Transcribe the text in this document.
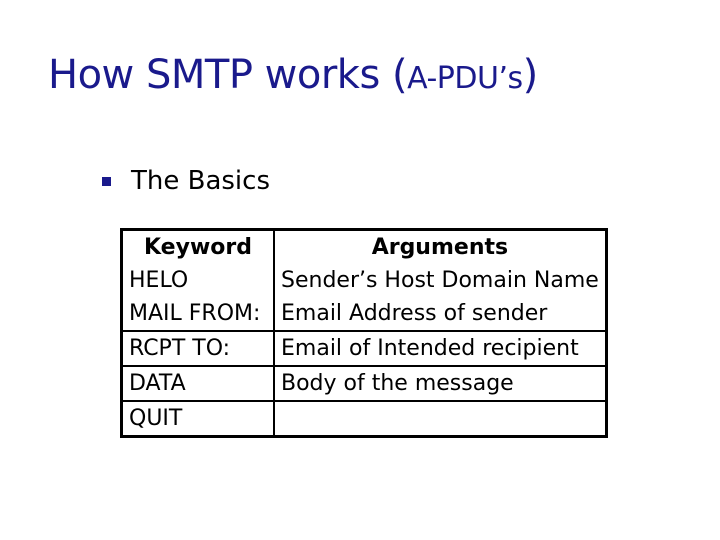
How SMTP works (A-PDU’s)
The Basics
Keyword	Arguments
HELO	Sender’s Host Domain Name
MAIL FROM:	Email Address of sender
RCPT TO:	Email of Intended recipient
DATA	Body of the message
QUIT	
